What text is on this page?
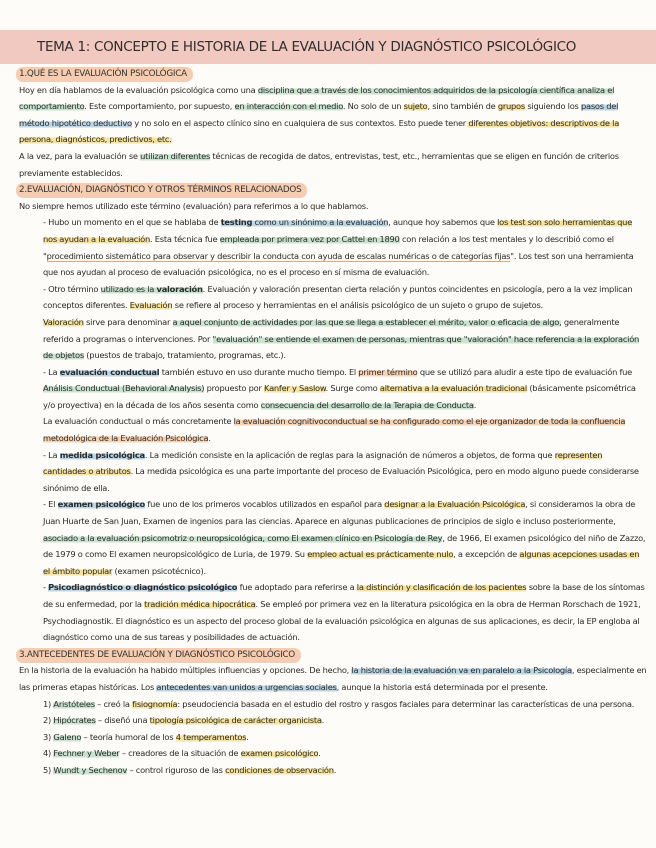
TEMA 1: CONCEPTO E HISTORIA DE LA EVALUACIÓN Y DIAGNÓSTICO PSICOLÓGICO
1.QUÉ ES LA EVALUACIÓN PSICOLÓGICA

Hoy en día hablamos de la evaluación psicológica como una disciplina que a través de los conocimientos adquiridos de la psicología científica analiza el comportamiento. Este comportamiento, por supuesto, en interacción con el medio. No solo de un sujeto, sino también de grupos siguiendo los pasos del método hipotético deductivo y no solo en el aspecto clínico sino en cualquiera de sus contextos. Esto puede tener diferentes objetivos: descriptivos de la persona, diagnósticos, predictivos, etc.

A la vez, para la evaluación se utilizan diferentes técnicas de recogida de datos, entrevistas, test, etc., herramientas que se eligen en función de criterios previamente establecidos.

2.EVALUACIÓN, DIAGNÓSTICO Y OTROS TÉRMINOS RELACIONADOS

No siempre hemos utilizado este término (evaluación) para referirnos a lo que hablamos.

- Hubo un momento en el que se hablaba de testing como un sinónimo a la evaluación, aunque hoy sabemos que los test son solo herramientas que nos ayudan a la evaluación. Esta técnica fue empleada por primera vez por Cattel en 1890 con relación a los test mentales y lo describió como el "procedimiento sistemático para observar y describir la conducta con ayuda de escalas numéricas o de categorías fijas". Los test son una herramienta que nos ayudan al proceso de evaluación psicológica, no es el proceso en sí misma de evaluación.

- Otro término utilizado es la valoración. Evaluación y valoración presentan cierta relación y puntos coincidentes en psicología, pero a la vez implican conceptos diferentes. Evaluación se refiere al proceso y herramientas en el análisis psicológico de un sujeto o grupo de sujetos.

Valoración sirve para denominar a aquel conjunto de actividades por las que se llega a establecer el mérito, valor o eficacia de algo, generalmente referido a programas o intervenciones. Por "evaluación" se entiende el examen de personas, mientras que "valoración" hace referencia a la exploración de objetos (puestos de trabajo, tratamiento, programas, etc.).

- La evaluación conductual también estuvo en uso durante mucho tiempo. El primer término que se utilizó para aludir a este tipo de evaluación fue Análisis Conductual (Behavioral Analysis) propuesto por Kanfer y Saslow. Surge como alternativa a la evaluación tradicional (básicamente psicométrica y/o proyectiva) en la década de los años sesenta como consecuencia del desarrollo de la Terapia de Conducta.

La evaluación conductual o más concretamente la evaluación cognitivoconductual se ha configurado como el eje organizador de toda la confluencia metodológica de la Evaluación Psicológica.

- La medida psicológica. La medición consiste en la aplicación de reglas para la asignación de números a objetos, de forma que representen cantidades o atributos. La medida psicológica es una parte importante del proceso de Evaluación Psicológica, pero en modo alguno puede considerarse sinónimo de ella.

- El examen psicológico fue uno de los primeros vocablos utilizados en español para designar a la Evaluación Psicológica, si consideramos la obra de Juan Huarte de San Juan, Examen de ingenios para las ciencias. Aparece en algunas publicaciones de principios de siglo e incluso posteriormente, asociado a la evaluación psicomotriz o neuropsicológica, como El examen clínico en Psicología de Rey, de 1966, El examen psicológico del niño de Zazzo, de 1979 o como El examen neuropsicológico de Luria, de 1979. Su empleo actual es prácticamente nulo, a excepción de algunas acepciones usadas en el ámbito popular (examen psicotécnico).

- Psicodiagnóstico o diagnóstico psicológico fue adoptado para referirse a la distinción y clasificación de los pacientes sobre la base de los síntomas de su enfermedad, por la tradición médica hipocrática. Se empleó por primera vez en la literatura psicológica en la obra de Herman Rorschach de 1921, Psychodiagnostik. El diagnóstico es un aspecto del proceso global de la evaluación psicológica en algunas de sus aplicaciones, es decir, la EP engloba al diagnóstico como una de sus tareas y posibilidades de actuación.

3.ANTECEDENTES DE EVALUACIÓN Y DIAGNÓSTICO PSICOLÓGICO

En la historia de la evaluación ha habido múltiples influencias y opciones. De hecho, la historia de la evaluación va en paralelo a la Psicología, especialmente en las primeras etapas históricas. Los antecedentes van unidos a urgencias sociales, aunque la historia está determinada por el presente.

1) Aristóteles – creó la fisiognomía: pseudociencia basada en el estudio del rostro y rasgos faciales para determinar las características de una persona.

2) Hipócrates – diseñó una tipología psicológica de carácter organicista.

3) Galeno – teoría humoral de los 4 temperamentos.

4) Fechner y Weber – creadores de la situación de examen psicológico.

5) Wundt y Sechenov – control riguroso de las condiciones de observación.
